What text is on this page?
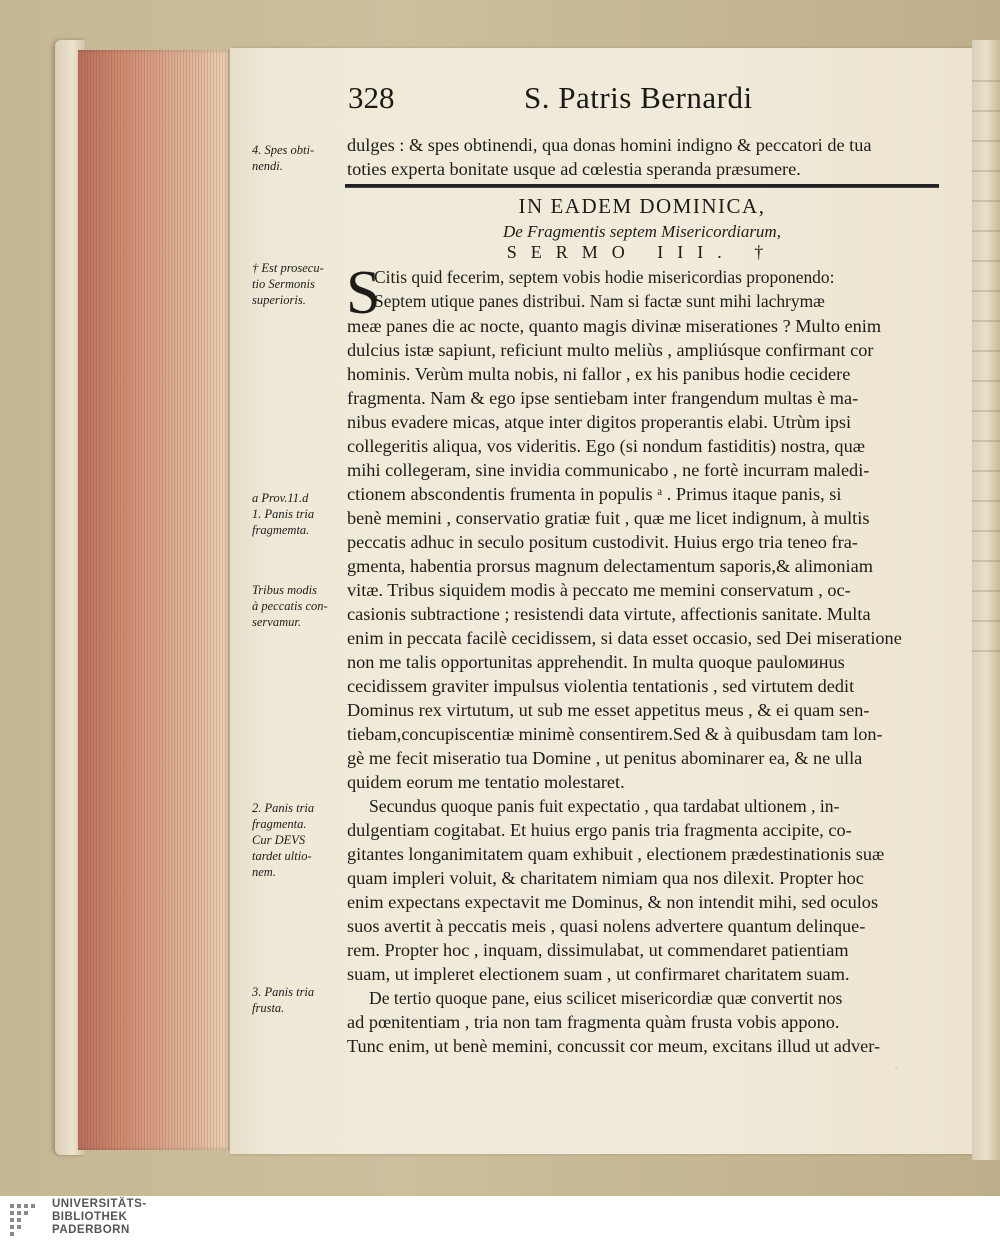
328	S. Patris Bernardi
IN EADEM DOMINICA,
De Fragmentis septem Misericordiarum,
SERMO III. †
S
dulges : & spes obtinendi, qua donas homini indigno & peccatori de tua
toties experta bonitate usque ad cœlestia speranda præsumere.
Citis quid fecerim, septem vobis hodie misericordias proponendo:
Septem utique panes distribui. Nam si factæ sunt mihi lachrymæ
meæ panes die ac nocte, quanto magis divinæ miserationes ? Multo enim
dulcius istæ sapiunt, reficiunt multo meliùs , ampliúsque confirmant cor
hominis. Verùm multa nobis, ni fallor , ex his panibus hodie cecidere
fragmenta. Nam & ego ipse sentiebam inter frangendum multas è ma-
nibus evadere micas, atque inter digitos properantis elabi. Utrùm ipsi
collegeritis aliqua, vos videritis. Ego (si nondum fastiditis) nostra, quæ
mihi collegeram, sine invidia communicabo , ne fortè incurram maledi-
ctionem abscondentis frumenta in populis ᵃ . Primus itaque panis, si
benè memini , conservatio gratiæ fuit , quæ me licet indignum, à multis
peccatis adhuc in seculo positum custodivit. Huius ergo tria teneo fra-
gmenta, habentia prorsus magnum delectamentum saporis,& alimoniam
vitæ. Tribus siquidem modis à peccato me memini conservatum , oc-
casionis subtractione ; resistendi data virtute, affectionis sanitate. Multa
enim in peccata facilè cecidissem, si data esset occasio, sed Dei miseratione
non me talis opportunitas apprehendit. In multa quoque pauloминus
cecidissem graviter impulsus violentia tentationis , sed virtutem dedit
Dominus rex virtutum, ut sub me esset appetitus meus , & ei quam sen-
tiebam,concupiscentiæ minimè consentirem.Sed & à quibusdam tam lon-
gè me fecit miseratio tua Domine , ut penitus abominarer ea, & ne ulla
quidem eorum me tentatio molestaret.
Secundus quoque panis fuit expectatio , qua tardabat ultionem , in-
dulgentiam cogitabat. Et huius ergo panis tria fragmenta accipite, co-
gitantes longanimitatem quam exhibuit , electionem prædestinationis suæ
quam impleri voluit, & charitatem nimiam qua nos dilexit. Propter hoc
enim expectans expectavit me Dominus, & non intendit mihi, sed oculos
suos avertit à peccatis meis , quasi nolens advertere quantum delinque-
rem. Propter hoc , inquam, dissimulabat, ut commendaret patientiam
suam, ut impleret electionem suam , ut confirmaret charitatem suam.
De tertio quoque pane, eius scilicet misericordiæ quæ convertit nos
ad pœnitentiam , tria non tam fragmenta quàm frusta vobis appono.
Tunc enim, ut benè memini, concussit cor meum, excitans illud ut adver-
teret
4. Spes obti-
nendi.
† Est prosecu-
tio Sermonis
superioris.
a Prov.11.d
1. Panis tria
fragmemta.
Tribus modis
à peccatis con-
servamur.
2. Panis tria
fragmenta.
Cur DEVS
tardet ultio-
nem.
3. Panis tria
frusta.
UNIVERSITÄTS-
BIBLIOTHEK
PADERBORN
